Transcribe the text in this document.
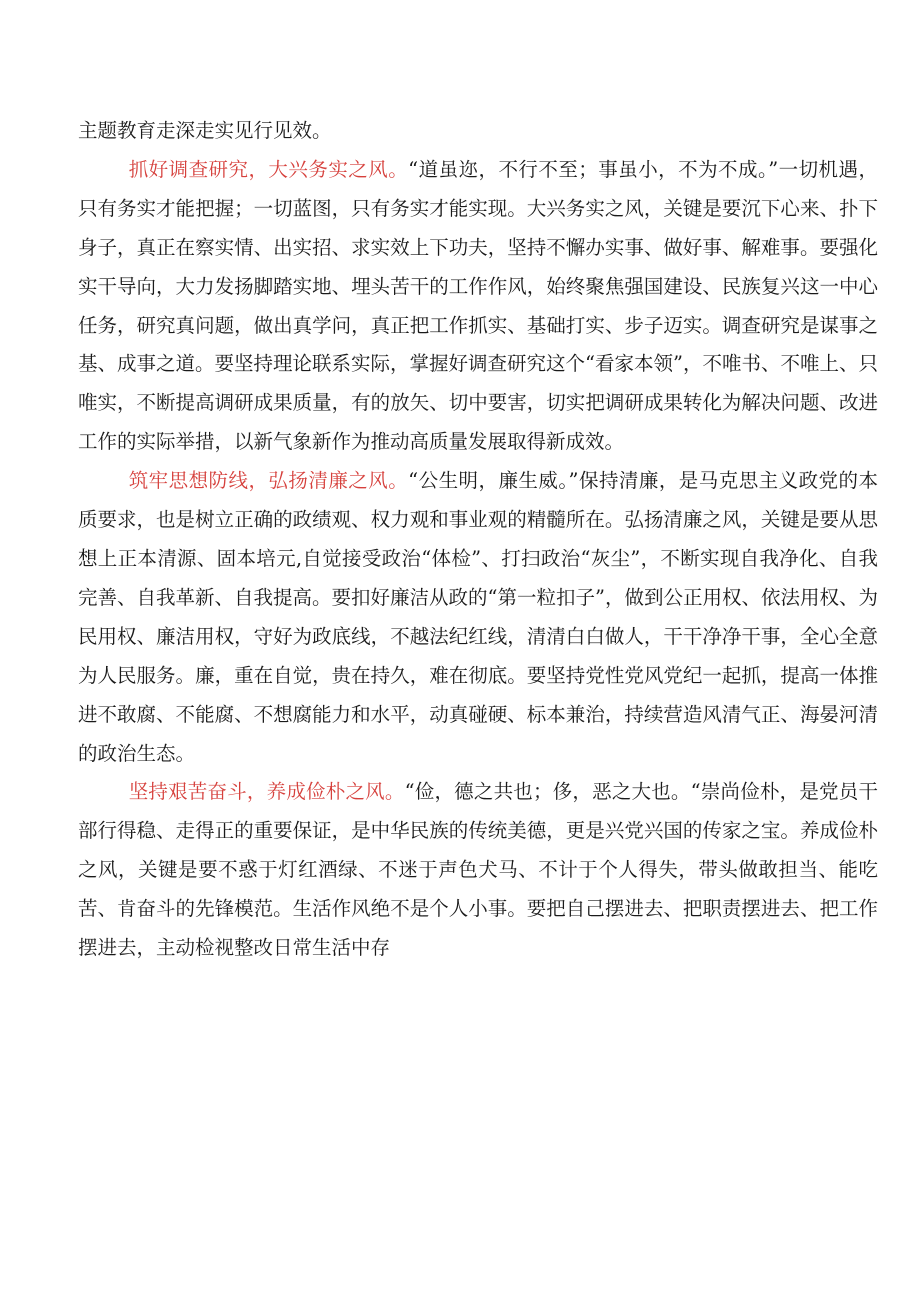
主题教育走深走实见行见效。

抓好调查研究，大兴务实之风。“道虽迩，不行不至；事虽小，不为不成。”一切机遇，只有务实才能把握；一切蓝图，只有务实才能实现。大兴务实之风，关键是要沉下心来、扑下身子，真正在察实情、出实招、求实效上下功夫，坚持不懈办实事、做好事、解难事。要强化实干导向，大力发扬脚踏实地、埋头苦干的工作作风，始终聚焦强国建设、民族复兴这一中心任务，研究真问题，做出真学问，真正把工作抓实、基础打实、步子迈实。调查研究是谋事之基、成事之道。要坚持理论联系实际，掌握好调查研究这个“看家本领”，不唯书、不唯上、只唯实，不断提高调研成果质量，有的放矢、切中要害，切实把调研成果转化为解决问题、改进工作的实际举措，以新气象新作为推动高质量发展取得新成效。

筑牢思想防线，弘扬清廉之风。“公生明，廉生威。”保持清廉，是马克思主义政党的本质要求，也是树立正确的政绩观、权力观和事业观的精髓所在。弘扬清廉之风，关键是要从思想上正本清源、固本培元,自觉接受政治“体检”、打扫政治“灰尘”，不断实现自我净化、自我完善、自我革新、自我提高。要扣好廉洁从政的“第一粒扣子”，做到公正用权、依法用权、为民用权、廉洁用权，守好为政底线，不越法纪红线，清清白白做人，干干净净干事，全心全意为人民服务。廉，重在自觉，贵在持久，难在彻底。要坚持党性党风党纪一起抓，提高一体推进不敢腐、不能腐、不想腐能力和水平，动真碰硬、标本兼治，持续营造风清气正、海晏河清的政治生态。

坚持艰苦奋斗，养成俭朴之风。“俭，德之共也；侈，恶之大也。“崇尚俭朴，是党员干部行得稳、走得正的重要保证，是中华民族的传统美德，更是兴党兴国的传家之宝。养成俭朴之风，关键是要不惑于灯红酒绿、不迷于声色犬马、不计于个人得失，带头做敢担当、能吃苦、肯奋斗的先锋模范。生活作风绝不是个人小事。要把自己摆进去、把职责摆进去、把工作摆进去，主动检视整改日常生活中存
